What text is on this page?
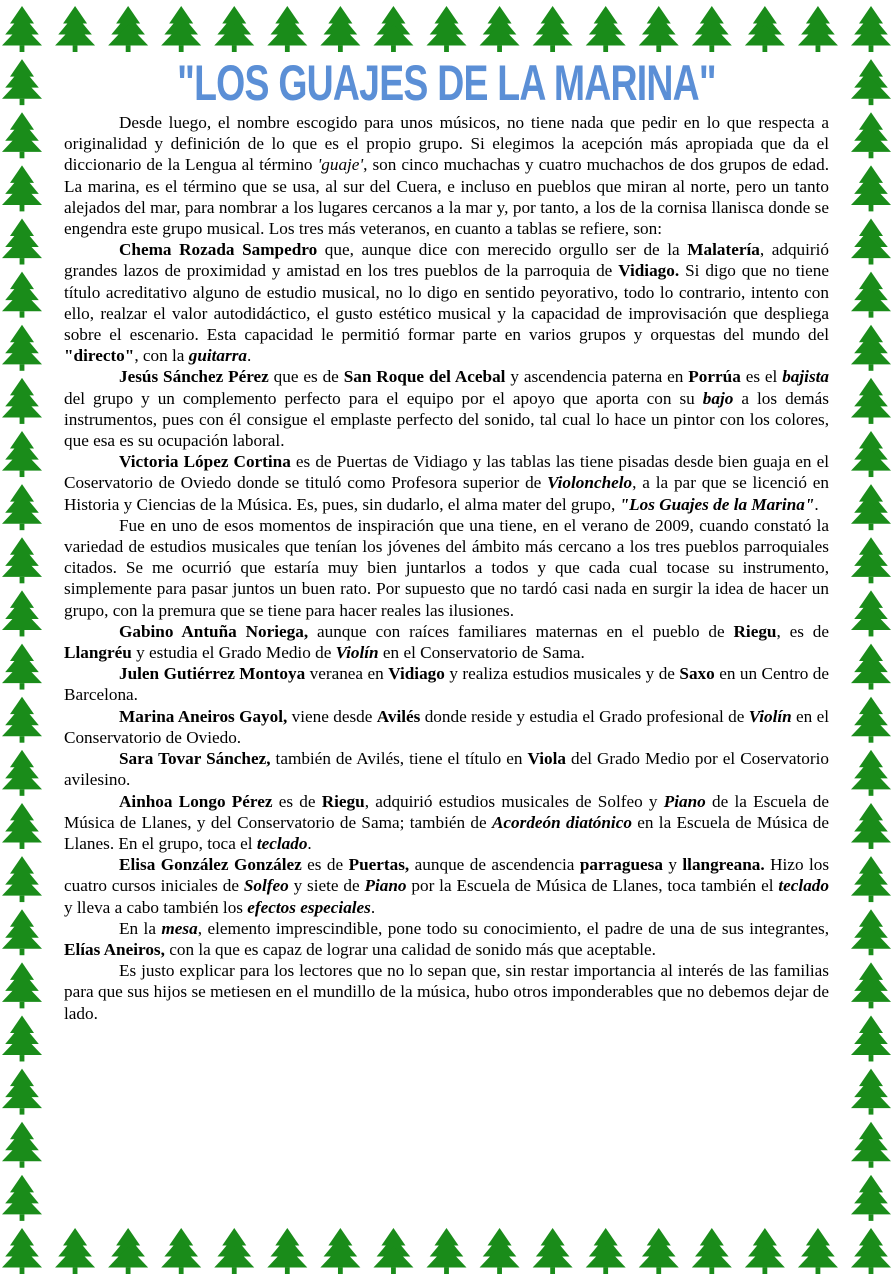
"LOS GUAJES DE LA MARINA"

Desde luego, el nombre escogido para unos músicos, no tiene nada que pedir en lo que respecta a originalidad y definición de lo que es el propio grupo. Si elegimos la acepción más apropiada que da el diccionario de la Lengua al término 'guaje', son cinco muchachas y cuatro muchachos de dos grupos de edad. La marina, es el término que se usa, al sur del Cuera, e incluso en pueblos que miran al norte, pero un tanto alejados del mar, para nombrar a los lugares cercanos a la mar y, por tanto, a los de la cornisa llanisca donde se engendra este grupo musical. Los tres más veteranos, en cuanto a tablas se refiere, son:

Chema Rozada Sampedro que, aunque dice con merecido orgullo ser de la Malatería, adquirió grandes lazos de proximidad y amistad en los tres pueblos de la parroquia de Vidiago. Si digo que no tiene título acreditativo alguno de estudio musical, no lo digo en sentido peyorativo, todo lo contrario, intento con ello, realzar el valor autodidáctico, el gusto estético musical y la capacidad de improvisación que despliega sobre el escenario. Esta capacidad le permitió formar parte en varios grupos y orquestas del mundo del "directo", con la guitarra.

Jesús Sánchez Pérez que es de San Roque del Acebal y ascendencia paterna en Porrúa es el bajista del grupo y un complemento perfecto para el equipo por el apoyo que aporta con su bajo a los demás instrumentos, pues con él consigue el emplaste perfecto del sonido, tal cual lo hace un pintor con los colores, que esa es su ocupación laboral.

Victoria López Cortina es de Puertas de Vidiago y las tablas las tiene pisadas desde bien guaja en el Coservatorio de Oviedo donde se tituló como Profesora superior de Violonchelo, a la par que se licenció en Historia y Ciencias de la Música. Es, pues, sin dudarlo, el alma mater del grupo, "Los Guajes de la Marina".

Fue en uno de esos momentos de inspiración que una tiene, en el verano de 2009, cuando constató la variedad de estudios musicales que tenían los jóvenes del ámbito más cercano a los tres pueblos parroquiales citados. Se me ocurrió que estaría muy bien juntarlos a todos y que cada cual tocase su instrumento, simplemente para pasar juntos un buen rato. Por supuesto que no tardó casi nada en surgir la idea de hacer un grupo, con la premura que se tiene para hacer reales las ilusiones.

Gabino Antuña Noriega, aunque con raíces familiares maternas en el pueblo de Riegu, es de Llangréu y estudia el Grado Medio de Violín en el Conservatorio de Sama.

Julen Gutiérrez Montoya veranea en Vidiago y realiza estudios musicales y de Saxo en un Centro de Barcelona.

Marina Aneiros Gayol, viene desde Avilés donde reside y estudia el Grado profesional de Violín en el Conservatorio de Oviedo.

Sara Tovar Sánchez, también de Avilés, tiene el título en Viola del Grado Medio por el Coservatorio avilesino.

Ainhoa Longo Pérez es de Riegu, adquirió estudios musicales de Solfeo y Piano de la Escuela de Música de Llanes, y del Conservatorio de Sama; también de Acordeón diatónico en la Escuela de Música de Llanes. En el grupo, toca el teclado.

Elisa González González es de Puertas, aunque de ascendencia parraguesa y llangreana. Hizo los cuatro cursos iniciales de Solfeo y siete de Piano por la Escuela de Música de Llanes, toca también el teclado y lleva a cabo también los efectos especiales.

En la mesa, elemento imprescindible, pone todo su conocimiento, el padre de una de sus integrantes, Elías Aneiros, con la que es capaz de lograr una calidad de sonido más que aceptable.

Es justo explicar para los lectores que no lo sepan que, sin restar importancia al interés de las familias para que sus hijos se metiesen en el mundillo de la música, hubo otros imponderables que no debemos dejar de lado.
